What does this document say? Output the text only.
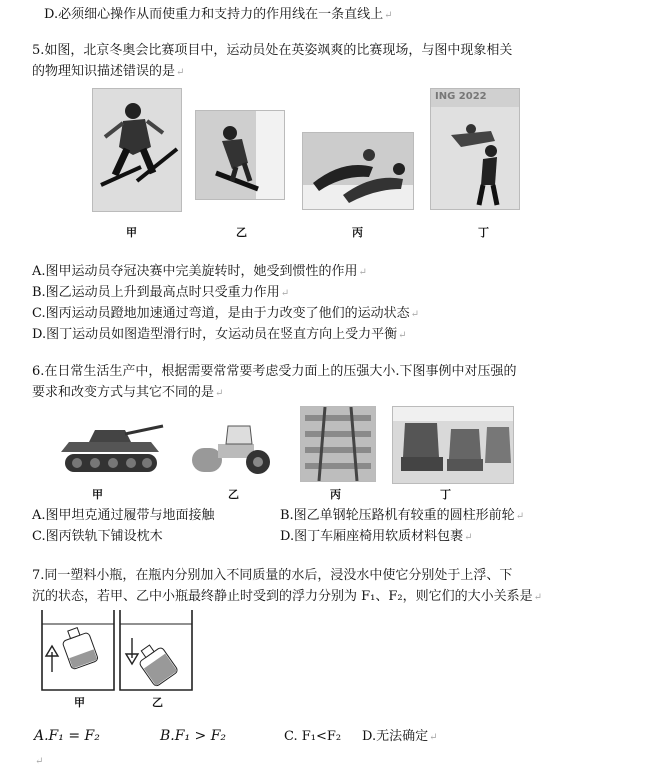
D.必须细心操作从而使重力和支持力的作用线在一条直线上↵
5.如图，北京冬奥会比赛项目中，运动员处在英姿飒爽的比赛现场，与图中现象相关
的物理知识描述错误的是↵
ING 2022
甲	乙	丙	丁
A.图甲运动员夺冠决赛中完美旋转时，她受到惯性的作用↵
B.图乙运动员上升到最高点时只受重力作用↵
C.图丙运动员蹬地加速通过弯道，是由于力改变了他们的运动状态↵
D.图丁运动员如图造型滑行时，女运动员在竖直方向上受力平衡↵
6.在日常生活生产中，根据需要常常要考虑受力面上的压强大小.下图事例中对压强的
要求和改变方式与其它不同的是↵
甲	乙	丙	丁
A.图甲坦克通过履带与地面接触	B.图乙单钢轮压路机有较重的圆柱形前轮↵
C.图丙铁轨下铺设枕木	D.图丁车厢座椅用软质材料包裹↵
7.同一塑料小瓶，在瓶内分别加入不同质量的水后，浸没水中使它分别处于上浮、下
沉的状态，若甲、乙中小瓶最终静止时受到的浮力分别为 F₁、F₂，则它们的大小关系是↵
甲	乙
A.F₁ = F₂	B.F₁ > F₂	C. F₁<F₂ D.无法确定↵
↵
